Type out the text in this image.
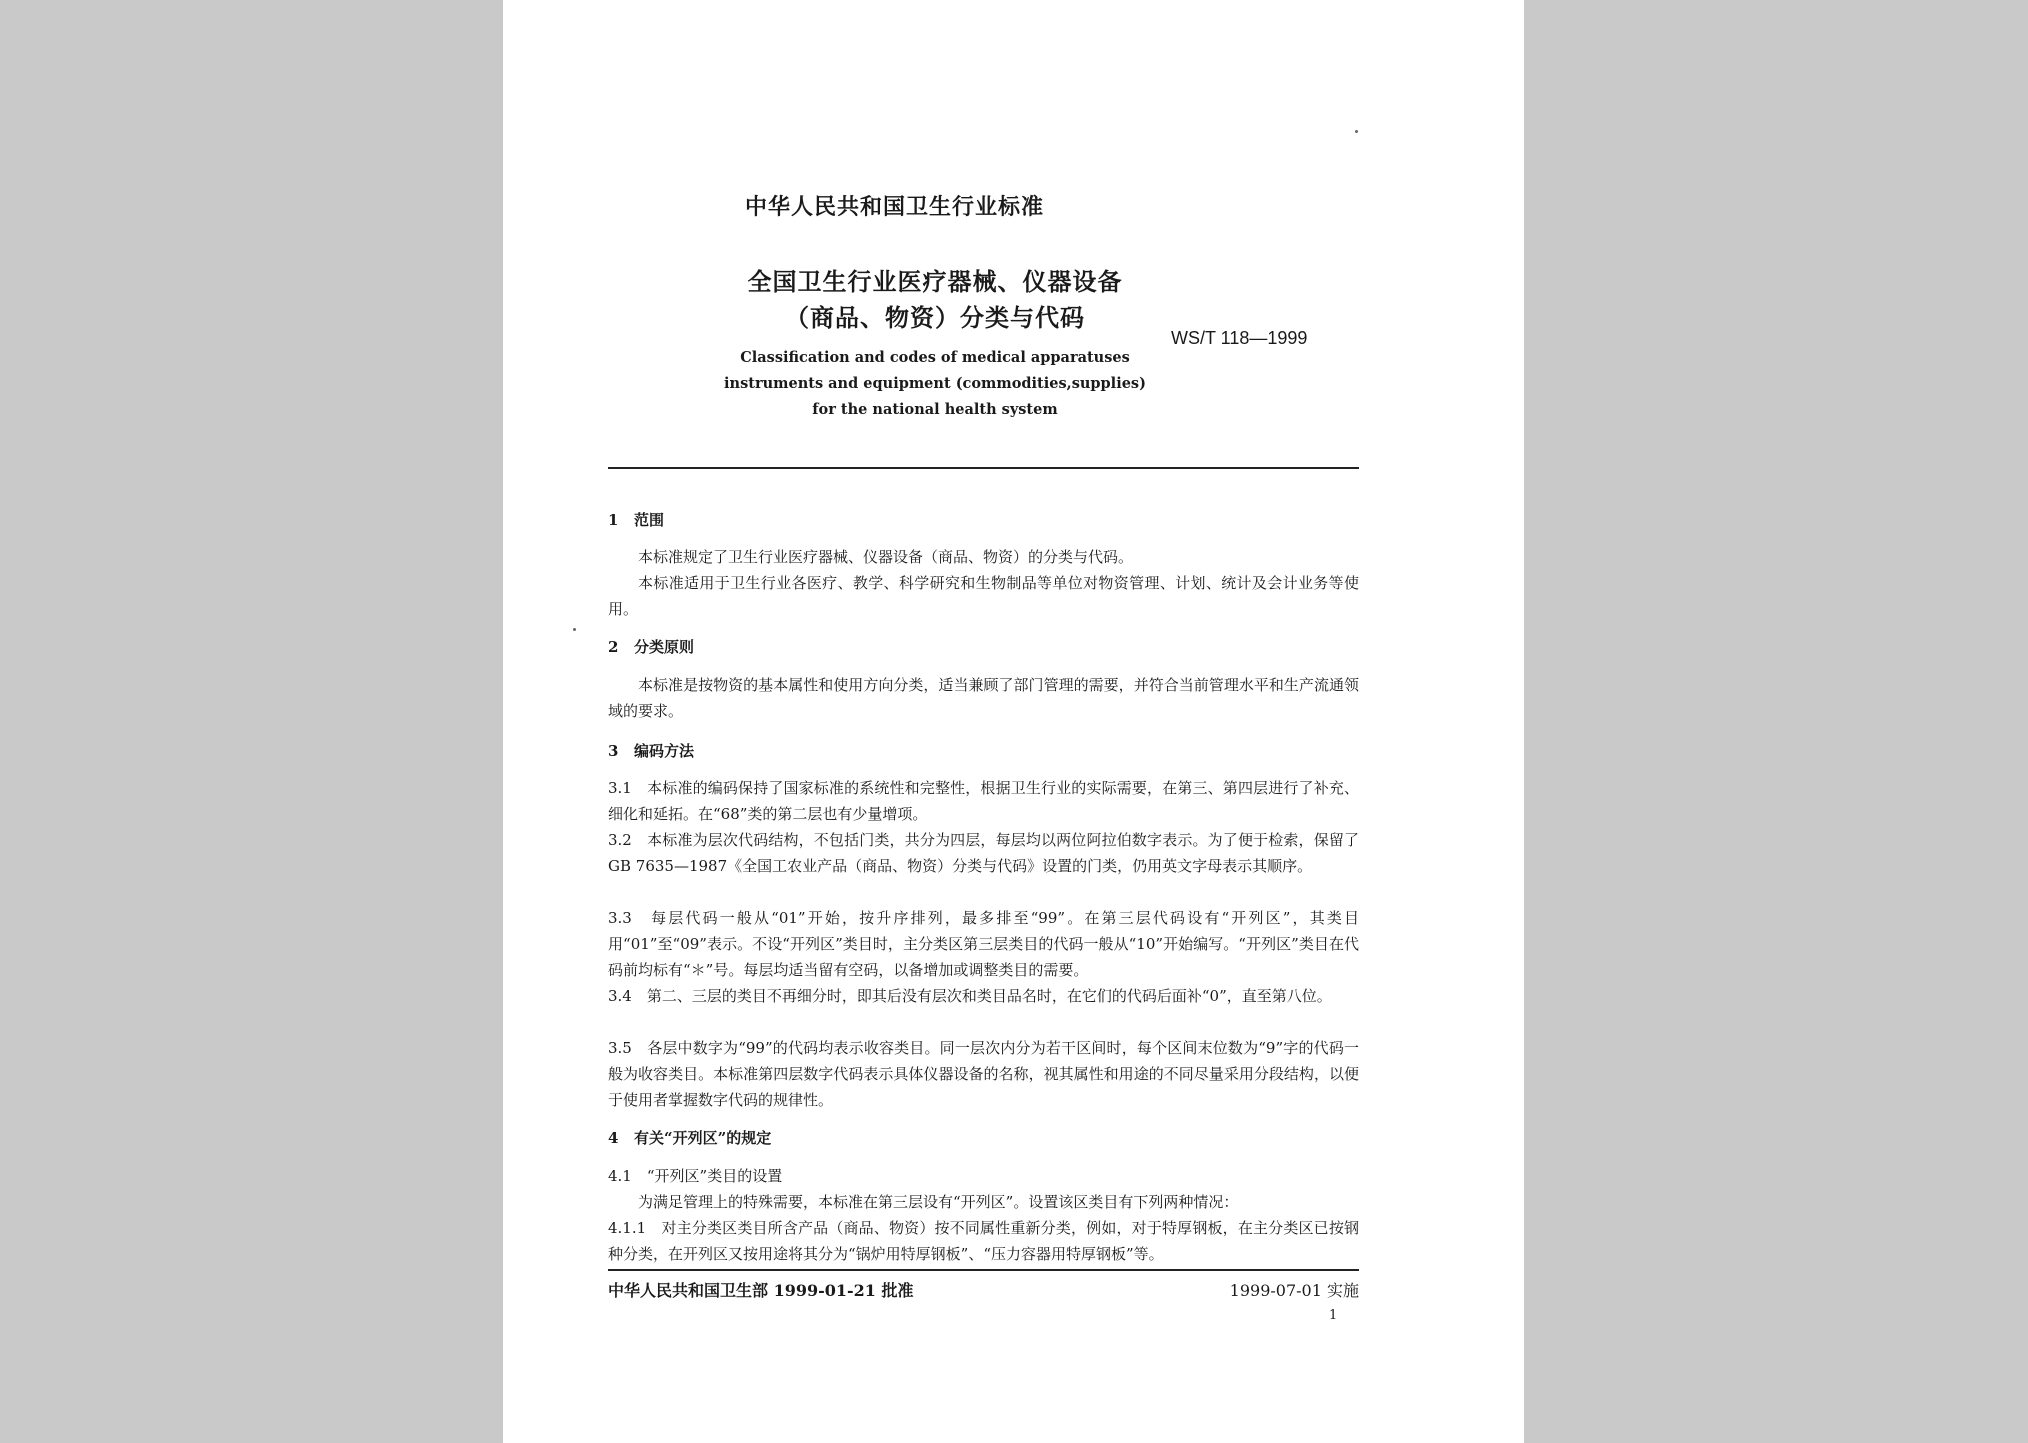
中华人民共和国卫生行业标准
全国卫生行业医疗器械、仪器设备
（商品、物资）分类与代码
WS/T 118—1999
Classification and codes of medical apparatuses
instruments and equipment (commodities,supplies)
for the national health system
1 范围
本标准规定了卫生行业医疗器械、仪器设备（商品、物资）的分类与代码。
本标准适用于卫生行业各医疗、教学、科学研究和生物制品等单位对物资管理、计划、统计及会计业务等使用。
2 分类原则
本标准是按物资的基本属性和使用方向分类，适当兼顾了部门管理的需要，并符合当前管理水平和生产流通领域的要求。
3 编码方法
3.1　本标准的编码保持了国家标准的系统性和完整性，根据卫生行业的实际需要，在第三、第四层进行了补充、细化和延拓。在“68”类的第二层也有少量增项。
3.2　本标准为层次代码结构，不包括门类，共分为四层，每层均以两位阿拉伯数字表示。为了便于检索，保留了 GB 7635—1987《全国工农业产品（商品、物资）分类与代码》设置的门类，仍用英文字母表示其顺序。
3.3　每层代码一般从“01”开始，按升序排列，最多排至“99”。在第三层代码设有“开列区”，其类目用“01”至“09”表示。不设“开列区”类目时，主分类区第三层类目的代码一般从“10”开始编写。“开列区”类目在代码前均标有“＊”号。每层均适当留有空码，以备增加或调整类目的需要。
3.4　第二、三层的类目不再细分时，即其后没有层次和类目品名时，在它们的代码后面补“0”，直至第八位。
3.5　各层中数字为“99”的代码均表示收容类目。同一层次内分为若干区间时，每个区间末位数为“9”字的代码一般为收容类目。本标准第四层数字代码表示具体仪器设备的名称，视其属性和用途的不同尽量采用分段结构，以便于使用者掌握数字代码的规律性。
4 有关“开列区”的规定
4.1　“开列区”类目的设置
为满足管理上的特殊需要，本标准在第三层设有“开列区”。设置该区类目有下列两种情况：
4.1.1　对主分类区类目所含产品（商品、物资）按不同属性重新分类，例如，对于特厚钢板，在主分类区已按钢种分类，在开列区又按用途将其分为“锅炉用特厚钢板”、“压力容器用特厚钢板”等。
中华人民共和国卫生部 1999-01-21 批准	1999-07-01 实施
1
